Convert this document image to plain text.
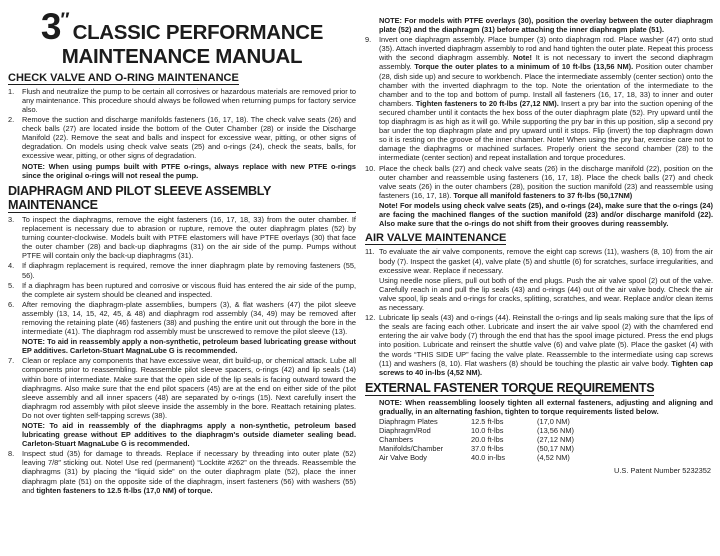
3″CLASSIC PERFORMANCE
MAINTENANCE MANUAL
CHECK VALVE AND O-RING MAINTENANCE
1.	Flush and neutralize the pump to be certain all corrosives or hazardous materials are removed prior to any maintenance. This procedure should always be followed when returning pumps for factory service also.
2.	Remove the suction and discharge manifolds fasteners (16, 17, 18). The check valve seats (26) and check balls (27) are located inside the bottom of the Outer Chamber (28) or inside the Discharge Manifold (22). Remove the seat and balls and inspect for excessive wear, pitting, or other signs of degradation. On models using check valve seats (25) and o-rings (24), check the seats, balls, for excessive wear, pitting, or other signs of degradation.
NOTE: When using pumps built with PTFE o-rings, always replace with new PTFE o-rings since the original o-rings will not reseal the pump.
DIAPHRAGM AND PILOT SLEEVE ASSEMBLY MAINTENANCE
3.	To inspect the diaphragms, remove the eight fasteners (16, 17, 18, 33) from the outer chamber. If replacement is necessary due to abrasion or rupture, remove the outer diaphragm plates (52) by turning counter-clockwise. Models built with PTFE elastomers will have PTFE overlays (30) that face the outer chamber (28) and back-up diaphragms (31) on the air side of the pump. Pumps without PTFE will contain only the back-up diaphragms (31).
4.	If diaphragm replacement is required, remove the inner diaphragm plate by removing fasteners (55, 56).
5.	If a diaphragm has been ruptured and corrosive or viscous fluid has entered the air side of the pump, the complete air system should be cleaned and inspected.
6.	After removing the diaphragm-plate assemblies, bumpers (3), & flat washers (47) the pilot sleeve assembly (13, 14, 15, 42, 45, & 48) and diaphragm rod assembly (34, 49) may be removed after removing the retaining plate (46) fasteners (38) and pushing the entire unit out through the bore in the intermediate (41). The diaphragm rod assembly must be unscrewed to remove the pilot sleeve (13).
NOTE: To aid in reassembly apply a non-synthetic, petroleum based lubricating grease without EP additives. Carleton-Stuart MagnaLube G is recommended.
7.	Clean or replace any components that have excessive wear, dirt build-up, or chemical attack. Lube all components prior to reassembling. Reassemble pilot sleeve spacers, o-rings (42) and lip seals (14) within bore of intermediate. Make sure that the open side of the lip seals is facing outward toward the diaphragms. Also make sure that the end pilot spacers (45) are at the end on either side of the pilot sleeve assembly and all inner spacers (48) are separated by o-rings (15). Next carefully insert the diaphragm rod assembly with pilot sleeve inside the assembly in the bore. Reattach retaining plates. Do not over tighten self-tapping screws (38).
NOTE: To aid in reassembly of the diaphragms apply a non-synthetic, petroleum based lubricating grease without EP additives to the diaphragm's outside diameter sealing bead. Carleton-Stuart MagnaLube G is recommended.
8.	Inspect stud (35) for damage to threads. Replace if necessary by threading into outer plate (52) leaving 7/8″ sticking out. Note! Use red (permanent) “Locktite #262” on the threads. Reassemble the diaphragms (31) by placing the “liquid side” on the outer diaphragm plate (52), place the inner diaphragm plate (51) on the opposite side of the diaphragm, insert fasteners (56) with washers (55) and tighten fasteners to 12.5 ft-lbs (17,0 NM) of torque.
NOTE: For models with PTFE overlays (30), position the overlay between the outer diaphragm plate (52) and the diaphragm (31) before attaching the inner diaphragm plate (51).
9.	Invert one diaphragm assembly. Place bumper (3) onto diaphragm rod. Place washer (47) onto stud (35). Attach inverted diaphragm assembly to rod and hand tighten the outer plate. Repeat this process with the second diaphragm assembly. Note! It is not necessary to invert the second diaphragm assembly. Torque the outer plates to a minimum of 10 ft-lbs (13,56 NM). Position outer chamber (28, dish side up) and secure to workbench. Place the intermediate assembly (center section) onto the chamber with the inverted diaphragm to the top. Note the orientation of the intermediate to the chamber and to the top and bottom of pump. Install all fasteners (16, 17, 18, 33) to inner and outer chambers. Tighten fasteners to 20 ft-lbs (27,12 NM). Insert a pry bar into the suction opening of the secured chamber until it contacts the hex boss of the outer diaphragm plate (52). Pry upward until the top diaphragm is as high as it will go. While supporting the pry bar in this up position, slip a second pry bar under the top diaphragm plate and pry upward until it stops. Flip (invert) the top diaphragm down so it is resting on the groove of the inner chamber. Note! When using the pry bar, exercise care not to damage the diaphragms or machined surfaces. Properly orient the second chamber (28) to the intermediate (center section) and repeat installation and torque procedures.
10. Place the check balls (27) and check valve seats (26) in the discharge manifold (22), position on the outer chamber and reassemble using fasteners (16, 17, 18). Place the check balls (27) and check valve seats (26) in the outer chambers (28), position the suction manifold (23) and reassemble using fasteners (16, 17, 18). Torque all manifold fasteners to 37 ft-lbs (50,17NM)
Note! For models using check valve seats (25), and o-rings (24), make sure that the o-rings (24) are facing the machined flanges of the suction manifold (23) and/or discharge manifold (22). Also make sure that the o-rings do not shift from their grooves during reassembly.
AIR VALVE MAINTENANCE
11. To evaluate the air valve components, remove the eight cap screws (11), washers (8, 10) from the air body (7). Inspect the gasket (4), valve plate (5) and shuttle (6) for scratches, surface irregularities, and excessive wear. Replace if necessary.
Using needle nose pliers, pull out both of the end plugs. Push the air valve spool (2) out of the valve. Carefully reach in and pull the lip seals (43) and o-rings (44) out of the air valve body. Check the air valve spool, lip seals and o-rings for cracks, splitting, scratches, and wear. Replace and/or clean items as necessary.
12. Lubricate lip seals (43) and o-rings (44). Reinstall the o-rings and lip seals making sure that the lips of the seals are facing each other. Lubricate and insert the air valve spool (2) with the chamfered end entering the air valve body (7) through the end that has the spool image pictured. Press the end plugs into position. Lubricate and reinsert the shuttle valve (6) and valve plate (5). Place the gasket (4) with the words “THIS SIDE UP” facing the valve plate. Reassemble to the intermediate using cap screws (11) and washers (8, 10). Flat washers (8) should be touching the plastic air valve body. Tighten cap screws to 40 in-lbs (4,52 NM).
EXTERNAL FASTENER TORQUE REQUIREMENTS
NOTE: When reassembling loosely tighten all external fasteners, adjusting and aligning and gradually, in an alternating fashion, tighten to torque requirements listed below.
Diaphragm Plates	12.5 ft-lbs	(17,0 NM)
Diaphragm/Rod	10.0 ft-lbs	(13,56 NM)
Chambers	20.0 ft-lbs	(27,12 NM)
Manifolds/Chamber	37.0 ft-lbs	(50,17 NM)
Air Valve Body	40.0 in-lbs	(4,52 NM)
U.S. Patent Number 5232352
